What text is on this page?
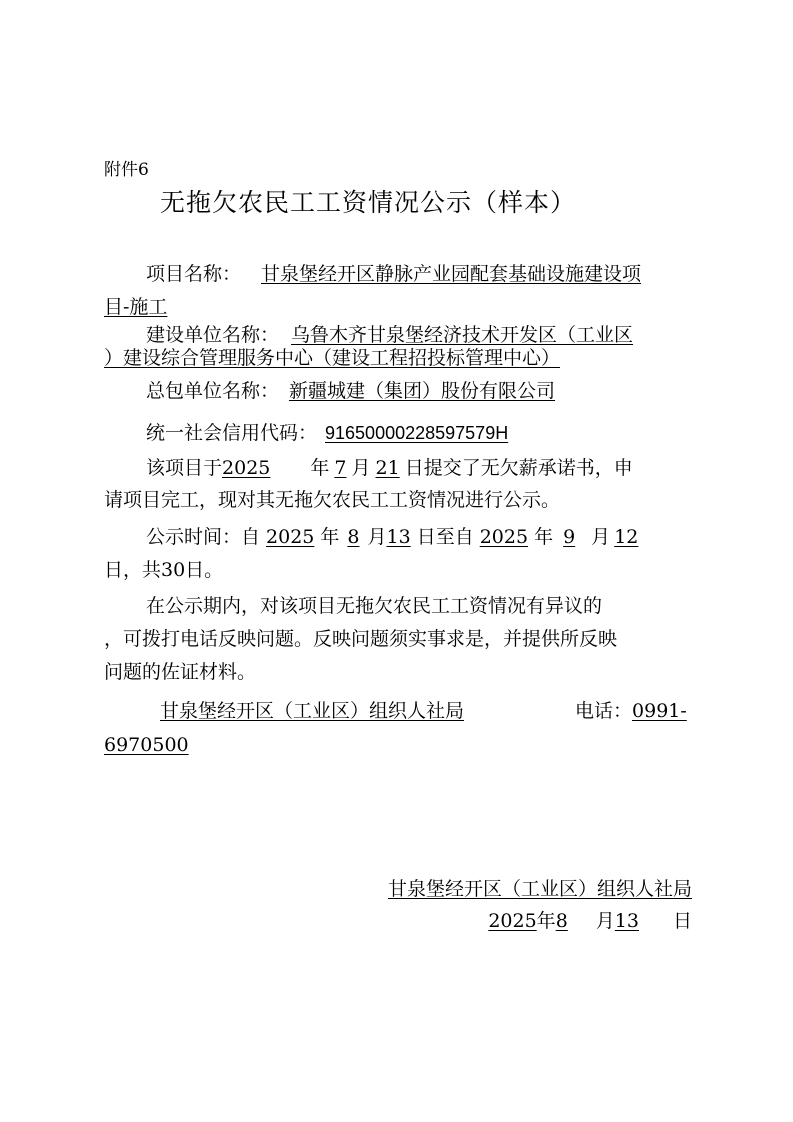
附件6
无拖欠农民工工资情况公示（样本）
项目名称： 甘泉堡经开区静脉产业园配套基础设施建设项
目-施工
建设单位名称： 乌鲁木齐甘泉堡经济技术开发区（工业区
）建设综合管理服务中心（建设工程招投标管理中心）
总包单位名称： 新疆城建（集团）股份有限公司
统一社会信用代码： 91650000228597579H
该项目于2025 年 7 月 21 日提交了无欠薪承诺书，申
请项目完工，现对其无拖欠农民工工资情况进行公示。
公示时间：自 2025 年 8 月13 日至自 2025 年 9 月 12
日，共30日。
在公示期内，对该项目无拖欠农民工工资情况有异议的
，可拨打电话反映问题。反映问题须实事求是，并提供所反映
问题的佐证材料。
甘泉堡经开区（工业区）组织人社局	电话：0991-
6970500
甘泉堡经开区（工业区）组织人社局
2025年8 月13 日
